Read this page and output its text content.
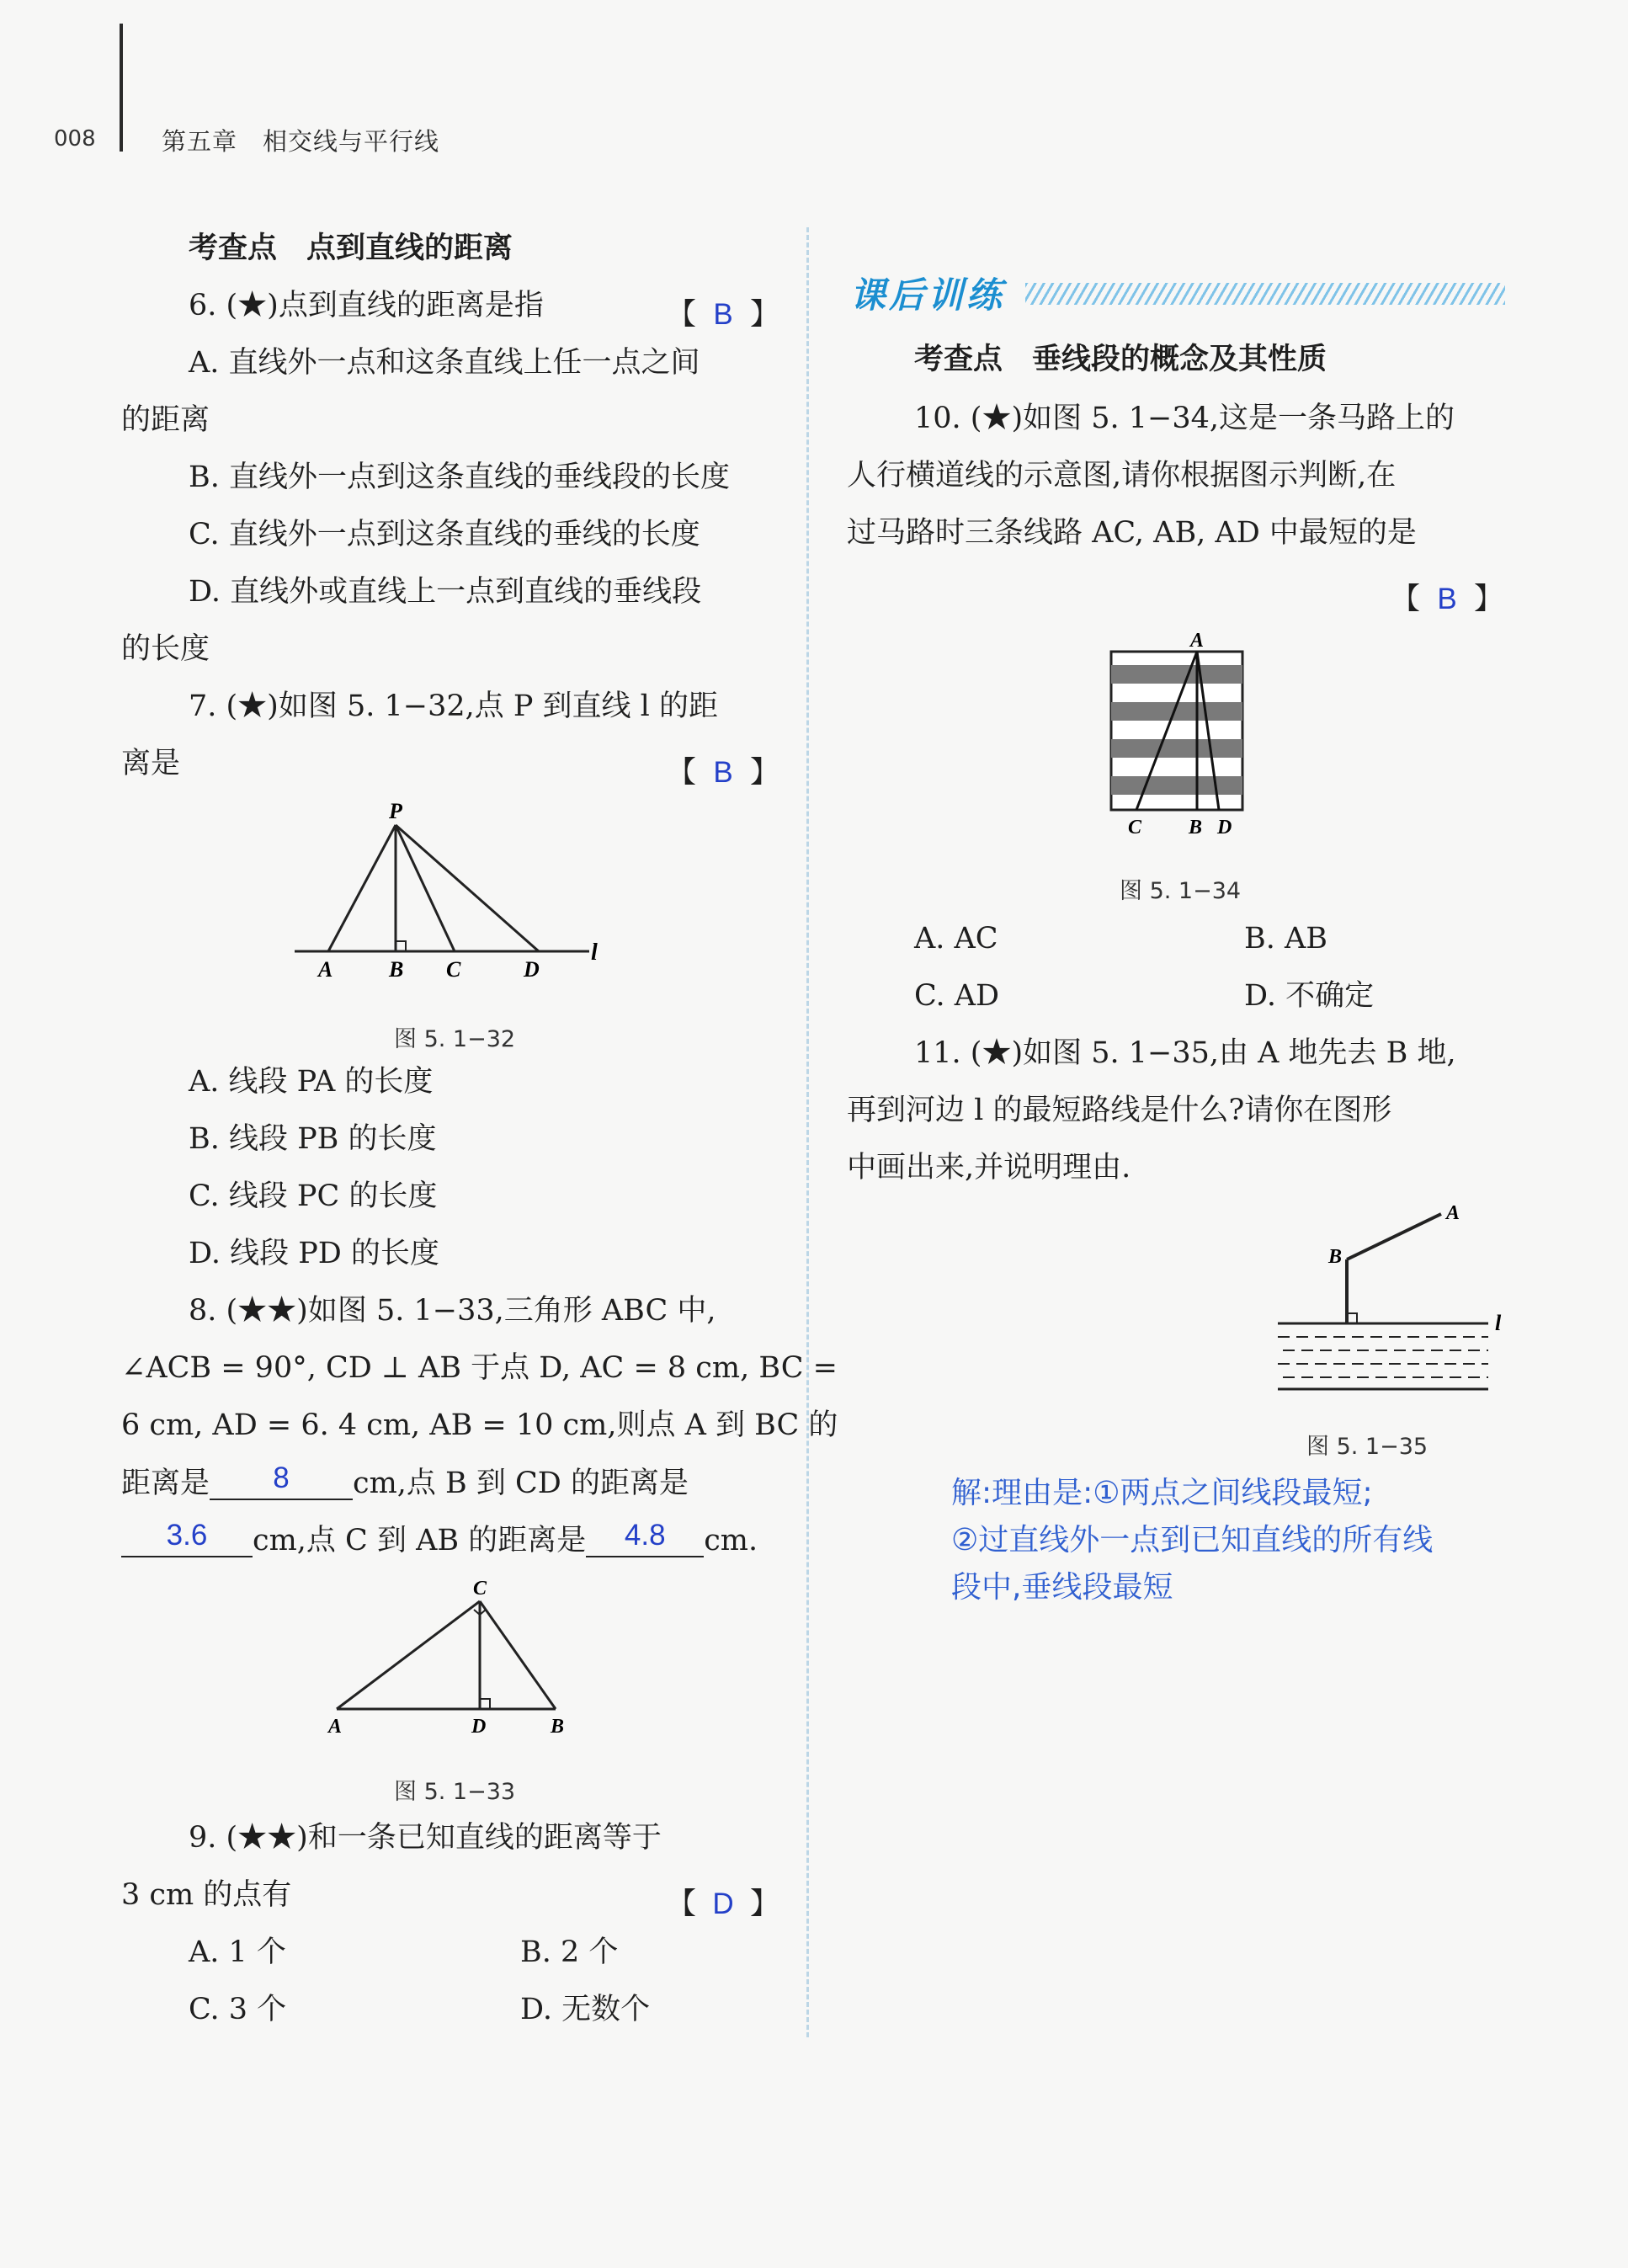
008	第五章　相交线与平行线
考查点　点到直线的距离
6. (★)点到直线的距离是指	【 B 】
A. 直线外一点和这条直线上任一点之间
的距离
B. 直线外一点到这条直线的垂线段的长度
C. 直线外一点到这条直线的垂线的长度
D. 直线外或直线上一点到直线的垂线段
的长度
7. (★)如图 5. 1−32,点 P 到直线 l 的距
离是	【 B 】
P
A	B C	D
l
图 5. 1−32
A. 线段 PA 的长度
B. 线段 PB 的长度
C. 线段 PC 的长度
D. 线段 PD 的长度
8. (★★)如图 5. 1−33,三角形 ABC 中,
∠ACB = 90°, CD ⊥ AB 于点 D, AC = 8 cm, BC =
6 cm, AD = 6. 4 cm, AB = 10 cm,则点 A 到 BC 的
距离是 8 cm,点 B 到 CD 的距离是
3.6 cm,点 C 到 AB 的距离是 4.8 cm.
C
A	D	B
图 5. 1−33
9. (★★)和一条已知直线的距离等于
3 cm 的点有	【 D 】
A. 1 个	B. 2 个
C. 3 个	D. 无数个
课后训练
考查点　垂线段的概念及其性质
10. (★)如图 5. 1−34,这是一条马路上的
人行横道线的示意图,请你根据图示判断,在
过马路时三条线路 AC, AB, AD 中最短的是
【 B 】
A
C B D
图 5. 1−34
A. AC	B. AB
C. AD	D. 不确定
11. (★)如图 5. 1−35,由 A 地先去 B 地,
再到河边 l 的最短路线是什么?请你在图形
中画出来,并说明理由.
A
B
l
图 5. 1−35
解:理由是:①两点之间线段最短;
②过直线外一点到已知直线的所有线
段中,垂线段最短
